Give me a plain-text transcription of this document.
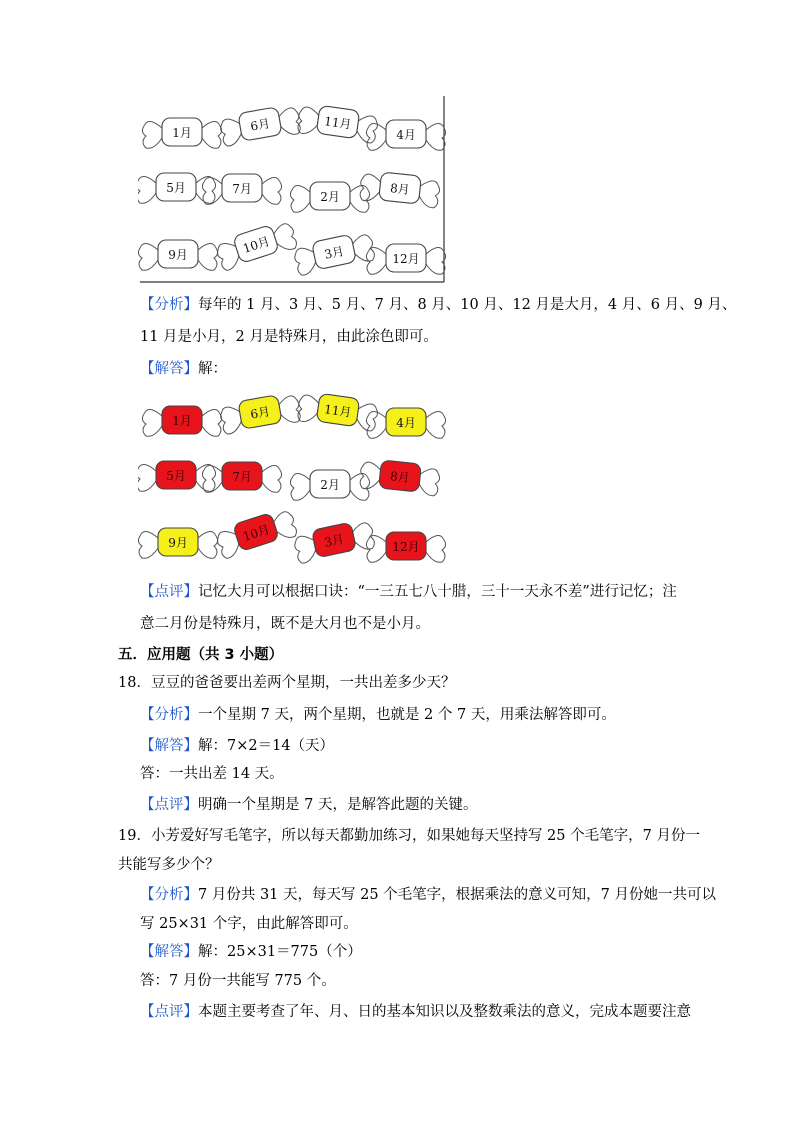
1月	6月	11月
4月
5月	7月
2月
8月
9月	10月	3月	12月
【分析】每年的 1 月、3 月、5 月、7 月、8 月、10 月、12 月是大月，4 月、6 月、9 月、
11 月是小月，2 月是特殊月，由此涂色即可。
【解答】解：
1月	6月	11月
4月
5月	7月
2月
8月
9月	10月	3月	12月
【点评】记忆大月可以根据口诀：“一三五七八十腊，三十一天永不差”进行记忆；注
意二月份是特殊月，既不是大月也不是小月。
五．应用题（共 3 小题）
18．豆豆的爸爸要出差两个星期，一共出差多少天？
【分析】一个星期 7 天，两个星期，也就是 2 个 7 天，用乘法解答即可。
【解答】解：7×2＝14（天）
答：一共出差 14 天。
【点评】明确一个星期是 7 天，是解答此题的关键。
19．小芳爱好写毛笔字，所以每天都勤加练习，如果她每天坚持写 25 个毛笔字，7 月份一
共能写多少个？
【分析】7 月份共 31 天，每天写 25 个毛笔字，根据乘法的意义可知，7 月份她一共可以
写 25×31 个字，由此解答即可。
【解答】解：25×31＝775（个）
答：7 月份一共能写 775 个。
【点评】本题主要考查了年、月、日的基本知识以及整数乘法的意义，完成本题要注意
